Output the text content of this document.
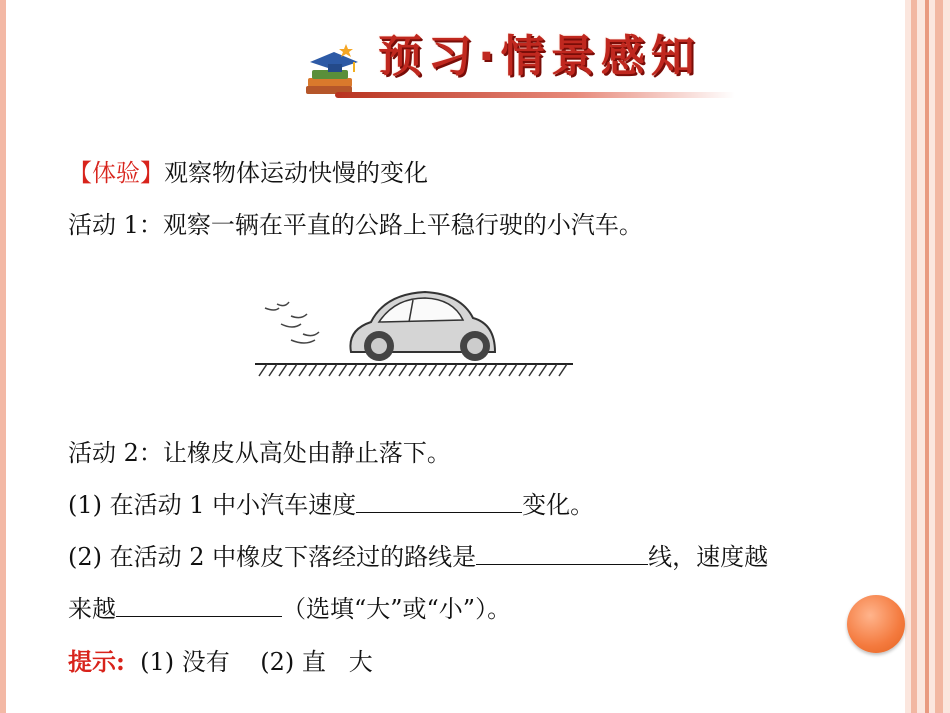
预习·情景感知
【体验】观察物体运动快慢的变化
活动 1：观察一辆在平直的公路上平稳行驶的小汽车。
活动 2：让橡皮从高处由静止落下。
(1) 在活动 1 中小汽车速度	变化。
(2) 在活动 2 中橡皮下落经过的路线是	线，速度越
来越	（选填“大”或“小”）。
提示: (1) 没有    (2) 直   大
